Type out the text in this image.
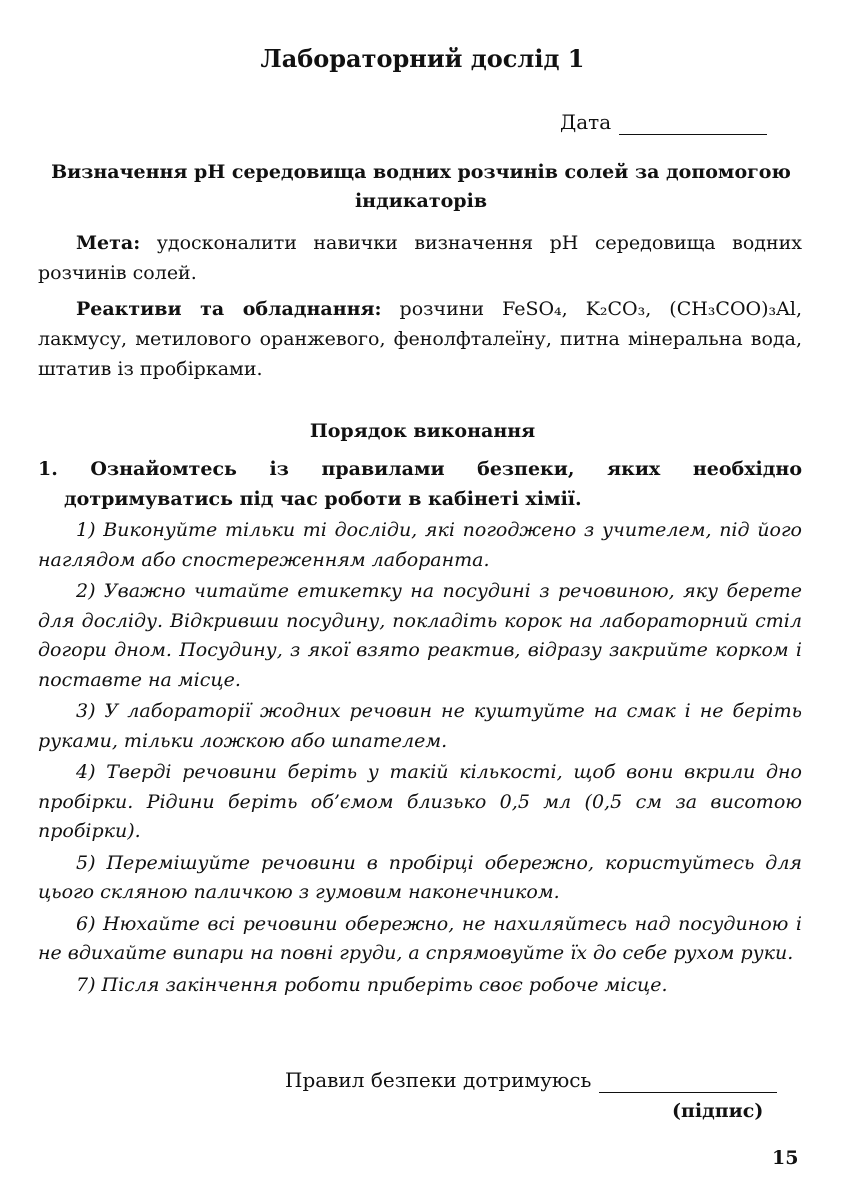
Лабораторний дослід 1
Дата
Визначення рН середовища водних розчинів солей за допомогою індикаторів

Мета: удосконалити навички визначення рН середовища водних розчинів солей.

Реактиви та обладнання: розчини FeSO₄, K₂CO₃, (CH₃COO)₃Al, лакмусу, метилового оранжевого, фенолфталеїну, питна мінеральна вода, штатив із пробірками.

Порядок виконання

1. Ознайомтесь із правилами безпеки, яких необхідно дотримуватись під час роботи в кабінеті хімії.

1) Виконуйте тільки ті досліди, які погоджено з учителем, під його наглядом або спостереженням лаборанта.
2) Уважно читайте етикетку на посудині з речовиною, яку берете для досліду. Відкривши посудину, покладіть корок на лабораторний стіл догори дном. Посудину, з якої взято реактив, відразу закрийте корком і поставте на місце.
3) У лабораторії жодних речовин не куштуйте на смак і не беріть руками, тільки ложкою або шпателем.
4) Тверді речовини беріть у такій кількості, щоб вони вкрили дно пробірки. Рідини беріть об’ємом близько 0,5 мл (0,5 см за висотою пробірки).
5) Перемішуйте речовини в пробірці обережно, користуйтесь для цього скляною паличкою з гумовим наконечником.
6) Нюхайте всі речовини обережно, не нахиляйтесь над посудиною і не вдихайте випари на повні груди, а спрямовуйте їх до себе рухом руки.
7) Після закінчення роботи приберіть своє робоче місце.
Правил безпеки дотримуюсь
(підпис)
15
